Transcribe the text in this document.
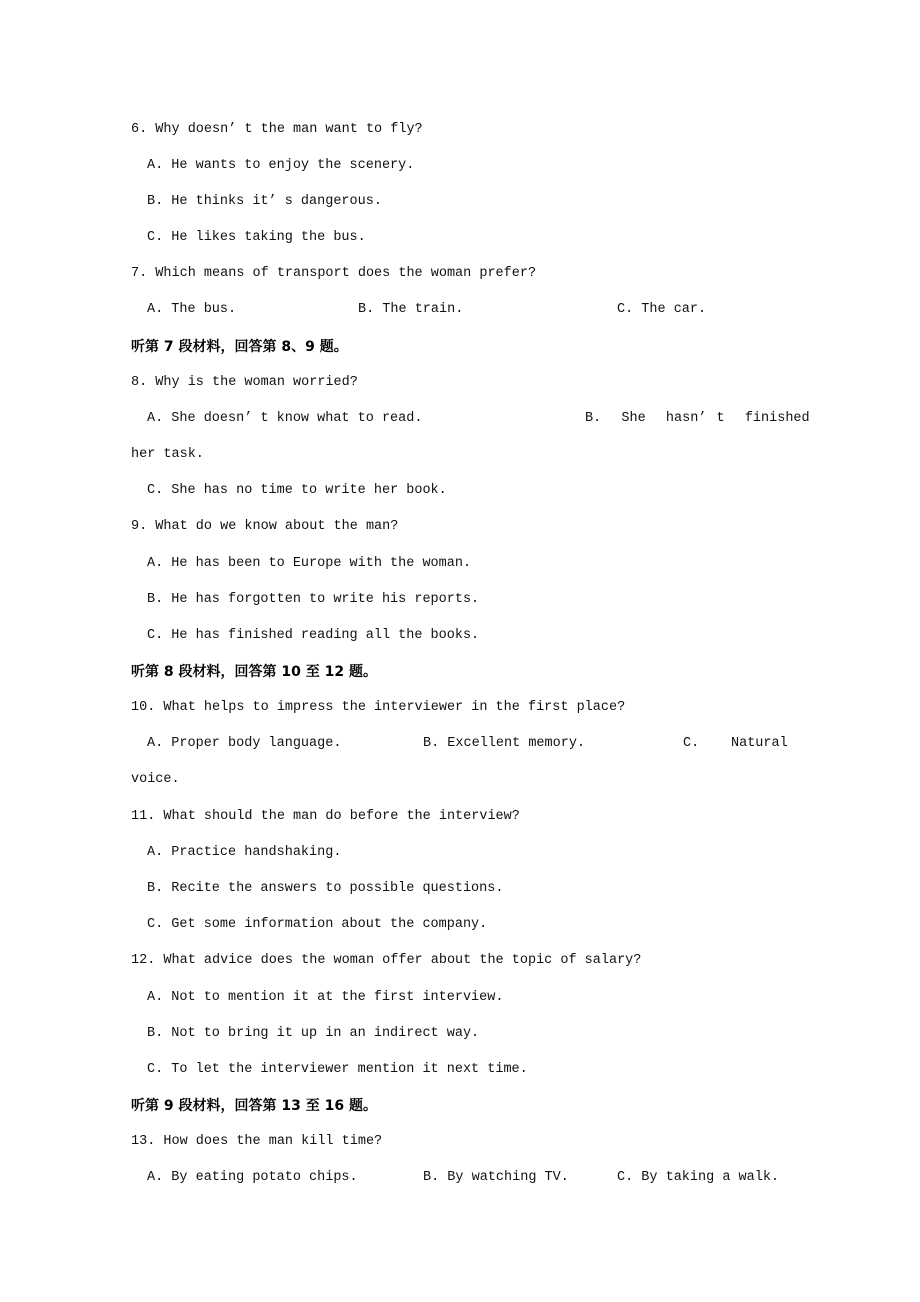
6. Why doesn’ t the man want to fly?
A. He wants to enjoy the scenery.
B. He thinks it’ s dangerous.
C. He likes taking the bus.
7. Which means of transport does the woman prefer?
A. The bus.	B. The train.	C. The car.
听第 7 段材料，回答第 8、9 题。
8. Why is the woman worried?
A. She doesn’ t know what to read.	B.  She  hasn’ t  finished
her task.
C. She has no time to write her book.
9. What do we know about the man?
A. He has been to Europe with the woman.
B. He has forgotten to write his reports.
C. He has finished reading all the books.
听第 8 段材料，回答第 10 至 12 题。
10. What helps to impress the interviewer in the first place?
A. Proper body language.	B. Excellent memory.	C. Natural
voice.
11. What should the man do before the interview?
A. Practice handshaking.
B. Recite the answers to possible questions.
C. Get some information about the company.
12. What advice does the woman offer about the topic of salary?
A. Not to mention it at the first interview.
B. Not to bring it up in an indirect way.
C. To let the interviewer mention it next time.
听第 9 段材料，回答第 13 至 16 题。
13. How does the man kill time?
A. By eating potato chips.	B. By watching TV.	C. By taking a walk.
